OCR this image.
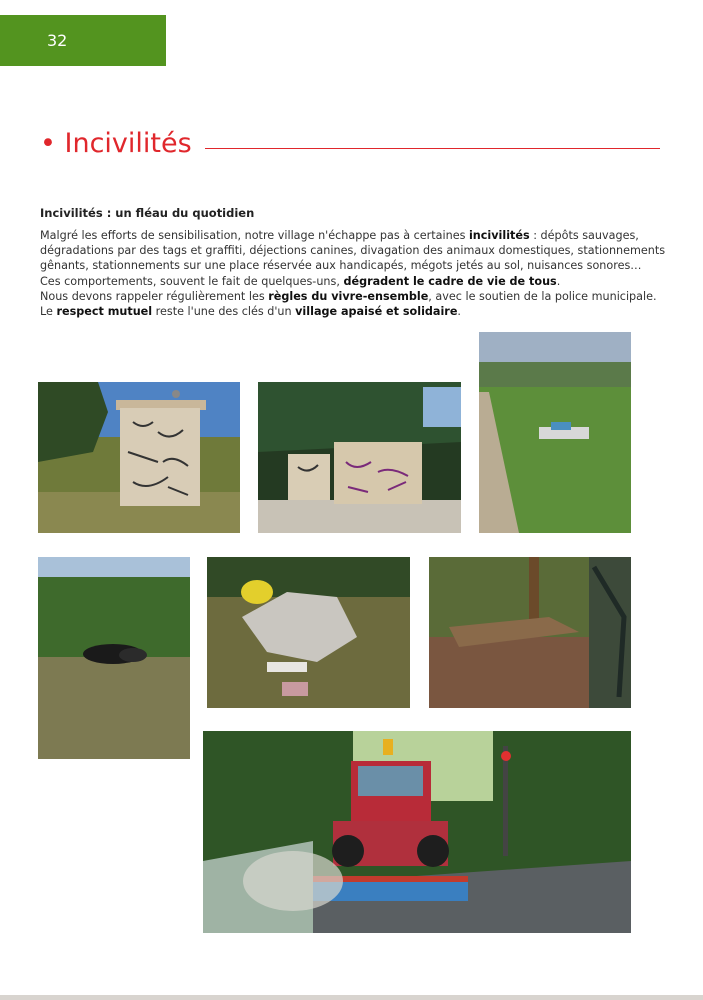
32
• Incivilités
Incivilités : un fléau du quotidien

Malgré les efforts de sensibilisation, notre village n'échappe pas à certaines incivilités : dépôts sauvages, dégradations par des tags et graffiti, déjections canines, divagation des animaux domestiques, stationnements gênants, stationnements sur une place réservée aux handicapés, mégots jetés au sol, nuisances sonores…

Ces comportements, souvent le fait de quelques-uns, dégradent le cadre de vie de tous.

Nous devons rappeler régulièrement les règles du vivre-ensemble, avec le soutien de la police municipale.

Le respect mutuel reste l'une des clés d'un village apaisé et solidaire.
